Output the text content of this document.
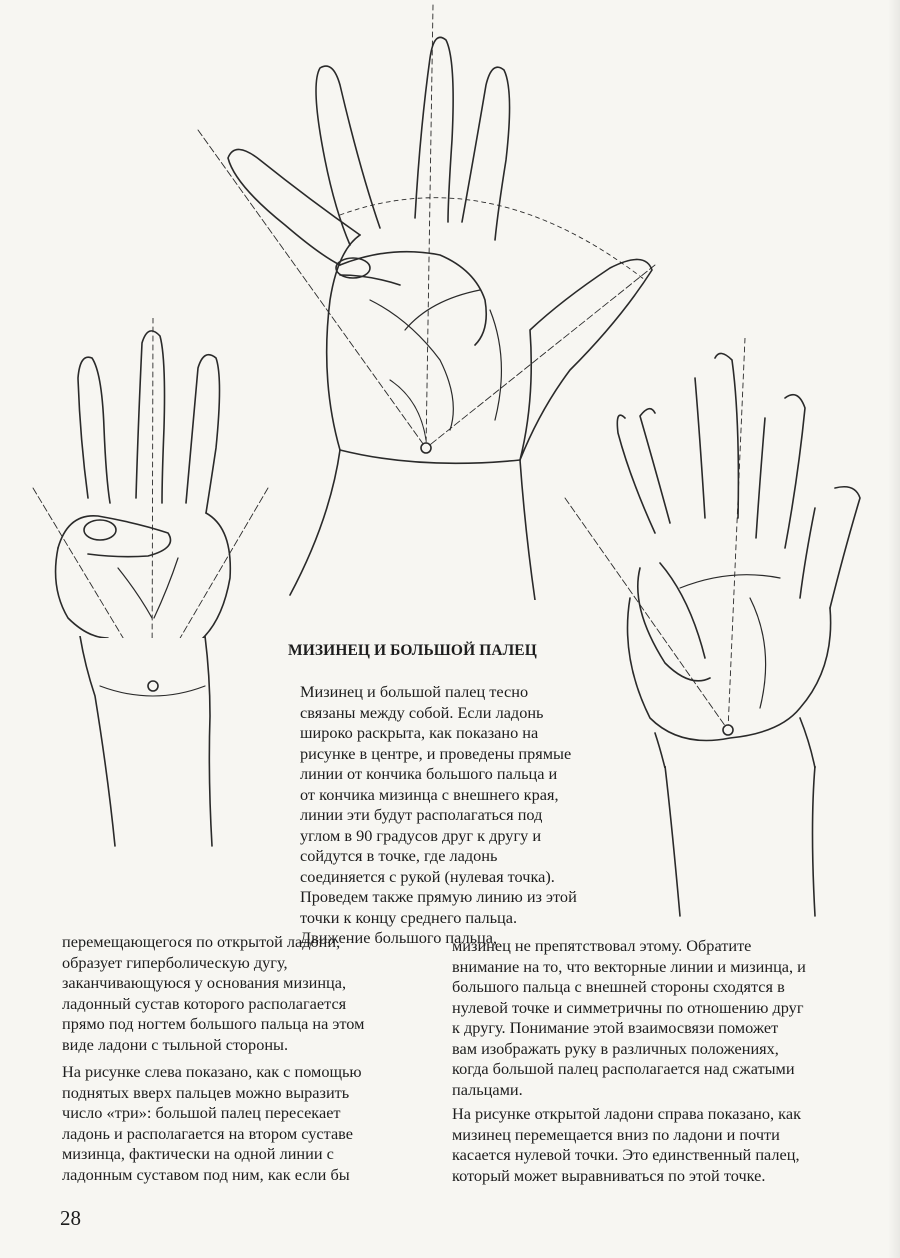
МИЗИНЕЦ И БОЛЬШОЙ ПАЛЕЦ

Мизинец и большой палец тесно
связаны между собой. Если ладонь
широко раскрыта, как показано на
рисунке в центре, и проведены прямые
линии от кончика большого пальца и
от кончика мизинца с внешнего края,
линии эти будут располагаться под
углом в 90 градусов друг к другу и
сойдутся в точке, где ладонь
соединяется с рукой (нулевая точка).
Проведем также прямую линию из этой
точки к концу среднего пальца.
Движение большого пальца,

перемещающегося по открытой ладони,
образует гиперболическую дугу,
заканчивающуюся у основания мизинца,
ладонный сустав которого располагается
прямо под ногтем большого пальца на этом
виде ладони с тыльной стороны.

На рисунке слева показано, как с помощью
поднятых вверх пальцев можно выразить
число «три»: большой палец пересекает
ладонь и располагается на втором суставе
мизинца, фактически на одной линии с
ладонным суставом под ним, как если бы

мизинец не препятствовал этому. Обратите
внимание на то, что векторные линии и мизинца, и
большого пальца с внешней стороны сходятся в
нулевой точке и симметричны по отношению друг
к другу. Понимание этой взаимосвязи поможет
вам изображать руку в различных положениях,
когда большой палец располагается над сжатыми
пальцами.

На рисунке открытой ладони справа показано, как
мизинец перемещается вниз по ладони и почти
касается нулевой точки. Это единственный палец,
который может выравниваться по этой точке.

28
